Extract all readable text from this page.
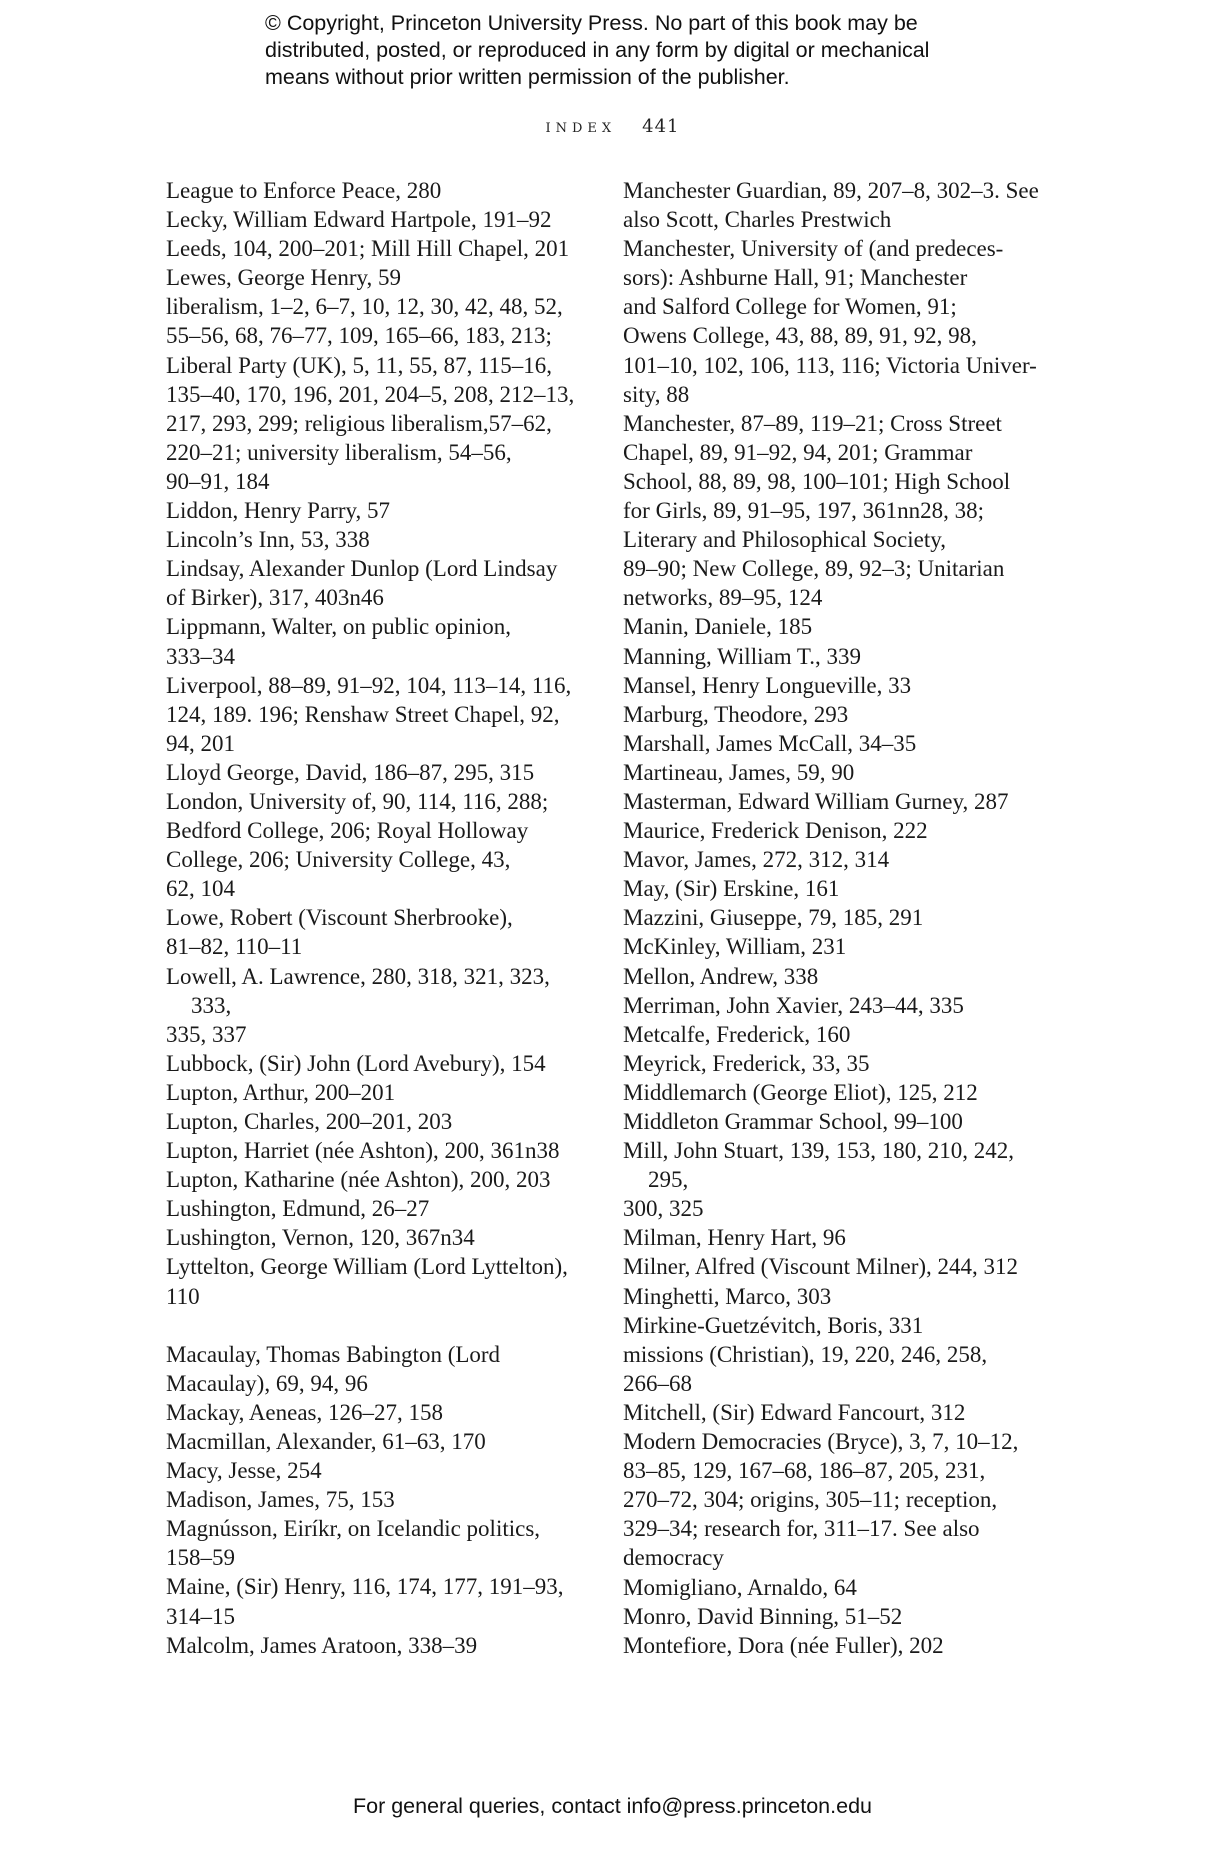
© Copyright, Princeton University Press. No part of this book may be
distributed, posted, or reproduced in any form by digital or mechanical
means without prior written permission of the publisher.
index 441

League to Enforce Peace, 280

Lecky, William Edward Hartpole, 191–92

Leeds, 104, 200–201; Mill Hill Chapel, 201

Lewes, George Henry, 59

liberalism, 1–2, 6–7, 10, 12, 30, 42, 48, 52,
55–56, 68, 76–77, 109, 165–66, 183, 213;
Liberal Party (UK), 5, 11, 55, 87, 115–16,
135–40, 170, 196, 201, 204–5, 208, 212–13,
217, 293, 299; religious liberalism,57–62,
220–21; university liberalism, 54–56,
90–91, 184

Liddon, Henry Parry, 57

Lincoln’s Inn, 53, 338

Lindsay, Alexander Dunlop (Lord Lindsay
of Birker), 317, 403n46

Lippmann, Walter, on public opinion,
333–34

Liverpool, 88–89, 91–92, 104, 113–14, 116,
124, 189. 196; Renshaw Street Chapel, 92,
94, 201

Lloyd George, David, 186–87, 295, 315

London, University of, 90, 114, 116, 288;
Bedford College, 206; Royal Holloway
College, 206; University College, 43,
62, 104

Lowe, Robert (Viscount Sherbrooke),
81–82, 110–11

Lowell, A. Lawrence, 280, 318, 321, 323, 333,
335, 337

Lubbock, (Sir) John (Lord Avebury), 154

Lupton, Arthur, 200–201

Lupton, Charles, 200–201, 203

Lupton, Harriet (née Ashton), 200, 361n38

Lupton, Katharine (née Ashton), 200, 203

Lushington, Edmund, 26–27

Lushington, Vernon, 120, 367n34

Lyttelton, George William (Lord Lyttelton),
110

Macaulay, Thomas Babington (Lord
Macaulay), 69, 94, 96

Mackay, Aeneas, 126–27, 158

Macmillan, Alexander, 61–63, 170

Macy, Jesse, 254

Madison, James, 75, 153

Magnússon, Eiríkr, on Icelandic politics,
158–59

Maine, (Sir) Henry, 116, 174, 177, 191–93,
314–15

Malcolm, James Aratoon, 338–39

Manchester Guardian, 89, 207–8, 302–3. See
also Scott, Charles Prestwich

Manchester, University of (and predeces-
sors): Ashburne Hall, 91; Manchester
and Salford College for Women, 91;
Owens College, 43, 88, 89, 91, 92, 98,
101–10, 102, 106, 113, 116; Victoria Univer-
sity, 88

Manchester, 87–89, 119–21; Cross Street
Chapel, 89, 91–92, 94, 201; Grammar
School, 88, 89, 98, 100–101; High School
for Girls, 89, 91–95, 197, 361nn28, 38;
Literary and Philosophical Society,
89–90; New College, 89, 92–3; Unitarian
networks, 89–95, 124

Manin, Daniele, 185

Manning, William T., 339

Mansel, Henry Longueville, 33

Marburg, Theodore, 293

Marshall, James McCall, 34–35

Martineau, James, 59, 90

Masterman, Edward William Gurney, 287

Maurice, Frederick Denison, 222

Mavor, James, 272, 312, 314

May, (Sir) Erskine, 161

Mazzini, Giuseppe, 79, 185, 291

McKinley, William, 231

Mellon, Andrew, 338

Merriman, John Xavier, 243–44, 335

Metcalfe, Frederick, 160

Meyrick, Frederick, 33, 35

Middlemarch (George Eliot), 125, 212

Middleton Grammar School, 99–100

Mill, John Stuart, 139, 153, 180, 210, 242, 295,
300, 325

Milman, Henry Hart, 96

Milner, Alfred (Viscount Milner), 244, 312

Minghetti, Marco, 303

Mirkine-Guetzévitch, Boris, 331

missions (Christian), 19, 220, 246, 258,
266–68

Mitchell, (Sir) Edward Fancourt, 312

Modern Democracies (Bryce), 3, 7, 10–12,
83–85, 129, 167–68, 186–87, 205, 231,
270–72, 304; origins, 305–11; reception,
329–34; research for, 311–17. See also
democracy

Momigliano, Arnaldo, 64

Monro, David Binning, 51–52

Montefiore, Dora (née Fuller), 202

For general queries, contact info@press.princeton.edu
